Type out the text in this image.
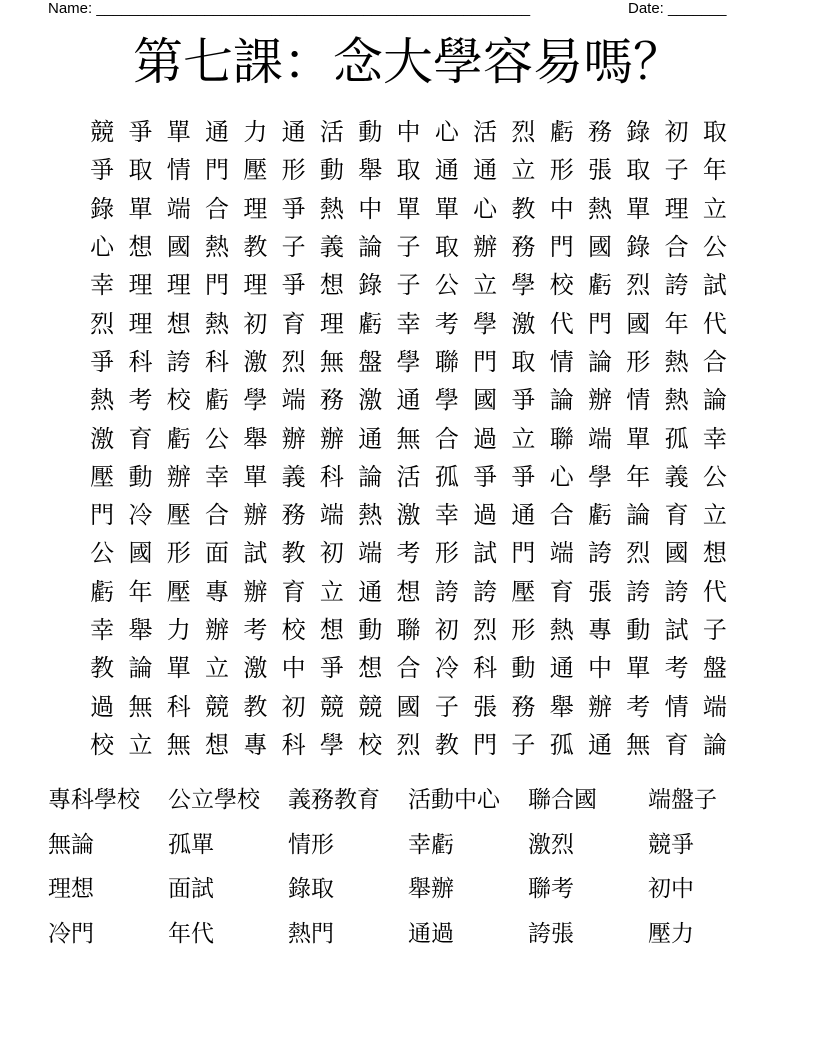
Name: ____________________________________________________	Date: _______
第七課：念大學容易嗎？
競 爭 單 通 力 通 活 動 中 心 活 烈 虧 務 錄 初 取
爭 取 情 門 壓 形 動 舉 取 通 通 立 形 張 取 子 年
錄 單 端 合 理 爭 熱 中 單 單 心 教 中 熱 單 理 立
心 想 國 熱 教 子 義 論 子 取 辦 務 門 國 錄 合 公
幸 理 理 門 理 爭 想 錄 子 公 立 學 校 虧 烈 誇 試
烈 理 想 熱 初 育 理 虧 幸 考 學 激 代 門 國 年 代
爭 科 誇 科 激 烈 無 盤 學 聯 門 取 情 論 形 熱 合
熱 考 校 虧 學 端 務 激 通 學 國 爭 論 辦 情 熱 論
激 育 虧 公 舉 辦 辦 通 無 合 過 立 聯 端 單 孤 幸
壓 動 辦 幸 單 義 科 論 活 孤 爭 爭 心 學 年 義 公
門 冷 壓 合 辦 務 端 熱 激 幸 過 通 合 虧 論 育 立
公 國 形 面 試 教 初 端 考 形 試 門 端 誇 烈 國 想
虧 年 壓 專 辦 育 立 通 想 誇 誇 壓 育 張 誇 誇 代
幸 舉 力 辦 考 校 想 動 聯 初 烈 形 熱 專 動 試 子
教 論 單 立 激 中 爭 想 合 冷 科 動 通 中 單 考 盤
過 無 科 競 教 初 競 競 國 子 張 務 舉 辦 考 情 端
校 立 無 想 專 科 學 校 烈 教 門 子 孤 通 無 育 論
專科學校	公立學校	義務教育	活動中心	聯合國	端盤子
無論	孤單	情形	幸虧	激烈	競爭
理想	面試	錄取	舉辦	聯考	初中
冷門	年代	熱門	通過	誇張	壓力
